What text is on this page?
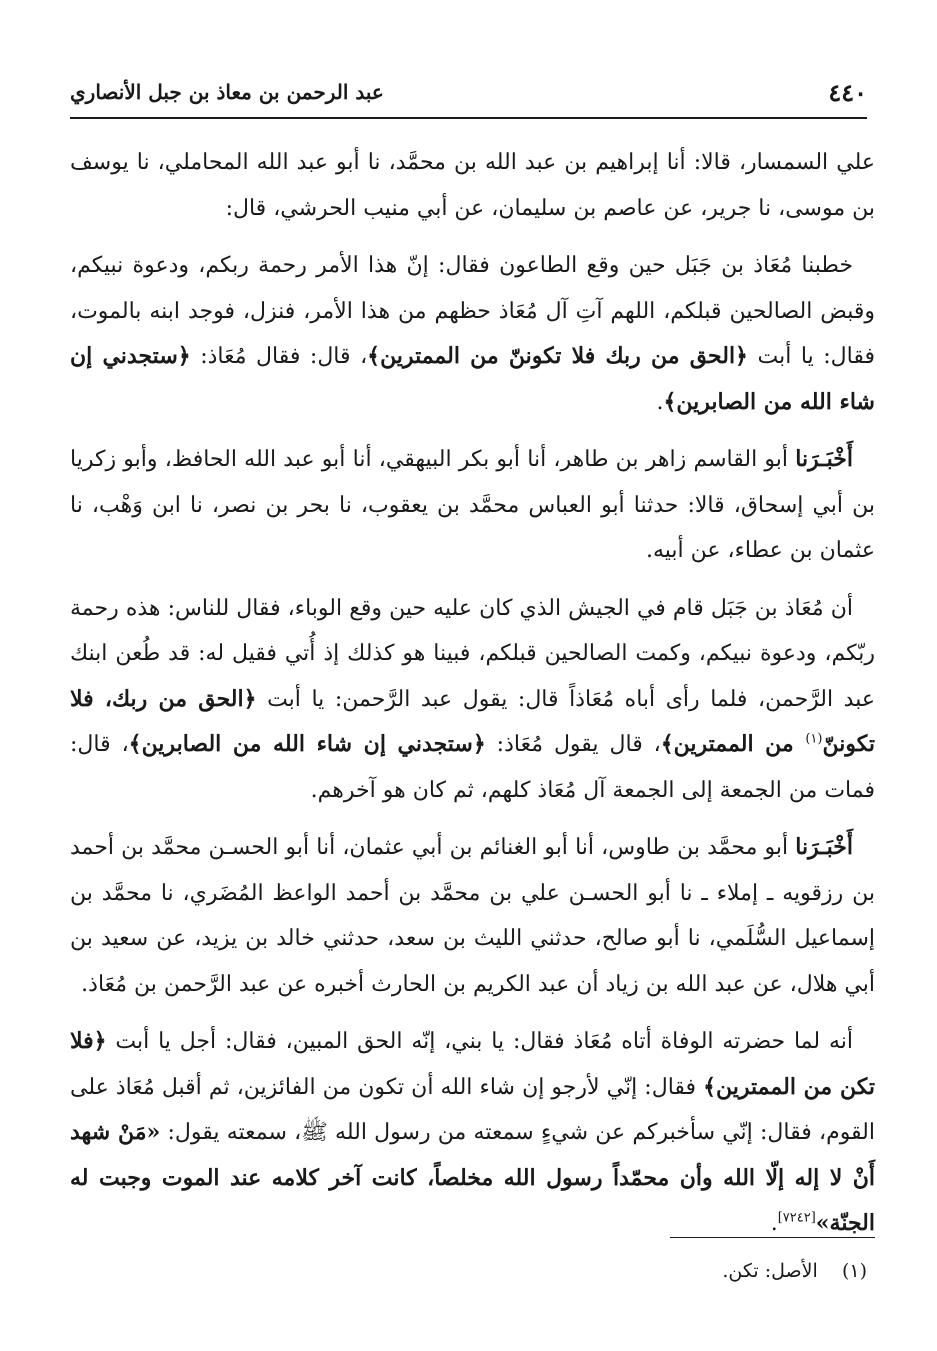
٤٤٠
عبد الرحمن بن معاذ بن جبل الأنصاري

علي السمسار، قالا: أنا إبراهيم بن عبد الله بن محمَّد، نا أبو عبد الله المحاملي، نا يوسف بن موسى، نا جرير، عن عاصم بن سليمان، عن أبي منيب الحرشي، قال:

خطبنا مُعَاذ بن جَبَل حين وقع الطاعون فقال: إنّ هذا الأمر رحمة ربكم، ودعوة نبيكم، وقبض الصالحين قبلكم، اللهم آتِ آل مُعَاذ حظهم من هذا الأمر، فنزل، فوجد ابنه بالموت، فقال: يا أبت ﴿الحق من ربك فلا تكوننّ من الممترين﴾، قال: فقال مُعَاذ: ﴿ستجدني إن شاء الله من الصابرين﴾.

أَخْبَـرَنا أبو القاسم زاهر بن طاهر، أنا أبو بكر البيهقي، أنا أبو عبد الله الحافظ، وأبو زكريا بن أبي إسحاق، قالا: حدثنا أبو العباس محمَّد بن يعقوب، نا بحر بن نصر، نا ابن وَهْب، نا عثمان بن عطاء، عن أبيه.

أن مُعَاذ بن جَبَل قام في الجيش الذي كان عليه حين وقع الوباء، فقال للناس: هذه رحمة ربّكم، ودعوة نبيكم، وكمت الصالحين قبلكم، فبينا هو كذلك إذ أُتي فقيل له: قد طُعن ابنك عبد الرَّحمن، فلما رأى أباه مُعَاذاً قال: يقول عبد الرَّحمن: يا أبت ﴿الحق من ربك، فلا تكوننّ$^{(١)}$ من الممترين﴾، قال يقول مُعَاذ: ﴿ستجدني إن شاء الله من الصابرين﴾، قال: فمات من الجمعة إلى الجمعة آل مُعَاذ كلهم، ثم كان هو آخرهم.

أَخْبَـرَنا أبو محمَّد بن طاوس، أنا أبو الغنائم بن أبي عثمان، أنا أبو الحسـن محمَّد بن أحمد بن رزقويه ـ إملاء ـ نا أبو الحسـن علي بن محمَّد بن أحمد الواعظ المُضَري، نا محمَّد بن إسماعيل السُّلَمي، نا أبو صالح، حدثني الليث بن سعد، حدثني خالد بن يزيد، عن سعيد بن أبي هلال، عن عبد الله بن زياد أن عبد الكريم بن الحارث أخبره عن عبد الرَّحمن بن مُعَاذ.

أنه لما حضرته الوفاة أتاه مُعَاذ فقال: يا بني، إنّه الحق المبين، فقال: أجل يا أبت ﴿فلا تكن من الممترين﴾ فقال: إنّي لأرجو إن شاء الله أن تكون من الفائزين، ثم أقبل مُعَاذ على القوم، فقال: إنّي سأخبركم عن شيءٍ سمعته من رسول الله ﷺ، سمعته يقول: «مَنْ شهد أَنْ لا إله إلّا الله وأن محمّداً رسول الله مخلصاً، كانت آخر كلامه عند الموت وجبت له الجنّة»[٧٢٤٢].

(١)    الأصل: تكن.
